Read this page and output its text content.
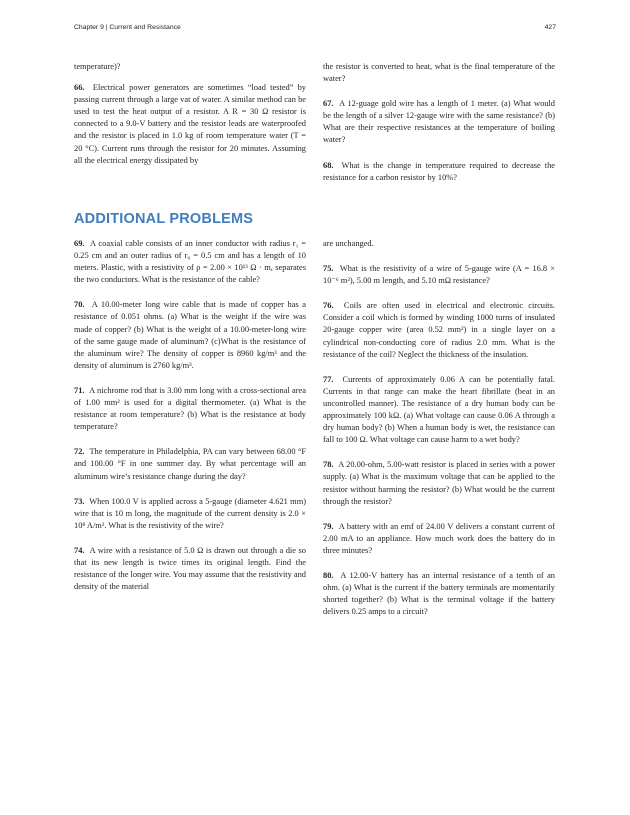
Chapter 9 | Current and Resistance	427

temperature)?

66. Electrical power generators are sometimes “load tested” by passing current through a large vat of water. A similar method can be used to test the heat output of a resistor. A R = 30 Ω resistor is connected to a 9.0-V battery and the resistor leads are waterproofed and the resistor is placed in 1.0 kg of room temperature water (T = 20 °C). Current runs through the resistor for 20 minutes. Assuming all the electrical energy dissipated by

the resistor is converted to heat, what is the final temperature of the water?

67. A 12-guage gold wire has a length of 1 meter. (a) What would be the length of a silver 12-gauge wire with the same resistance? (b) What are their respective resistances at the temperature of boiling water?

68. What is the change in temperature required to decrease the resistance for a carbon resistor by 10%?

ADDITIONAL PROBLEMS

69. A coaxial cable consists of an inner conductor with radius r₁ = 0.25 cm and an outer radius of r₀ = 0.5 cm and has a length of 10 meters. Plastic, with a resistivity of ρ = 2.00 × 10¹³ Ω · m, separates the two conductors. What is the resistance of the cable?

70. A 10.00-meter long wire cable that is made of copper has a resistance of 0.051 ohms. (a) What is the weight if the wire was made of copper? (b) What is the weight of a 10.00-meter-long wire of the same gauge made of aluminum? (c)What is the resistance of the aluminum wire? The density of copper is 8960 kg/m³ and the density of aluminum is 2760 kg/m³.

71. A nichrome rod that is 3.00 mm long with a cross-sectional area of 1.00 mm² is used for a digital thermometer. (a) What is the resistance at room temperature? (b) What is the resistance at body temperature?

72. The temperature in Philadelphia, PA can vary between 68.00 °F and 100.00 °F in one summer day. By what percentage will an aluminum wire’s resistance change during the day?

73. When 100.0 V is applied across a 5-gauge (diameter 4.621 mm) wire that is 10 m long, the magnitude of the current density is 2.0 × 10⁸ A/m². What is the resistivity of the wire?

74. A wire with a resistance of 5.0 Ω is drawn out through a die so that its new length is twice times its original length. Find the resistance of the longer wire. You may assume that the resistivity and density of the material

are unchanged.

75. What is the resistivity of a wire of 5-gauge wire (A = 16.8 × 10⁻⁶ m²), 5.00 m length, and 5.10 mΩ resistance?

76. Coils are often used in electrical and electronic circuits. Consider a coil which is formed by winding 1000 turns of insulated 20-gauge copper wire (area 0.52 mm²) in a single layer on a cylindrical non-conducting core of radius 2.0 mm. What is the resistance of the coil? Neglect the thickness of the insulation.

77. Currents of approximately 0.06 A can be potentially fatal. Currents in that range can make the heart fibrillate (beat in an uncontrolled manner). The resistance of a dry human body can be approximately 100 kΩ. (a) What voltage can cause 0.06 A through a dry human body? (b) When a human body is wet, the resistance can fall to 100 Ω. What voltage can cause harm to a wet body?

78. A 20.00-ohm, 5.00-watt resistor is placed in series with a power supply. (a) What is the maximum voltage that can be applied to the resistor without harming the resistor? (b) What would be the current through the resistor?

79. A battery with an emf of 24.00 V delivers a constant current of 2.00 mA to an appliance. How much work does the battery do in three minutes?

80. A 12.00-V battery has an internal resistance of a tenth of an ohm. (a) What is the current if the battery terminals are momentarily shorted together? (b) What is the terminal voltage if the battery delivers 0.25 amps to a circuit?
